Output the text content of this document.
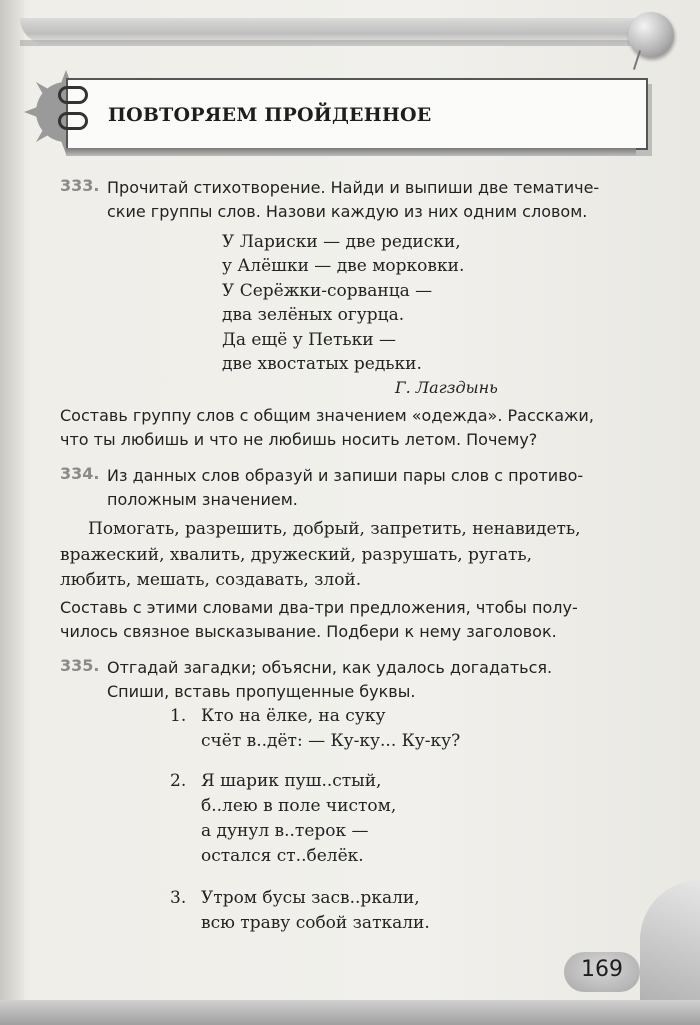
ПОВТОРЯЕМ ПРОЙДЕННОЕ
333. Прочитай стихотворение. Найди и выпиши две тематиче-
ские группы слов. Назови каждую из них одним словом.
У Лариски — две редиски,
у Алёшки — две морковки.
У Серёжки-сорванца —
два зелёных огурца.
Да ещё у Петьки —
две хвостатых редьки.
Г. Лагздынь
Составь группу слов с общим значением «одежда». Расскажи,
что ты любишь и что не любишь носить летом. Почему?
334. Из данных слов образуй и запиши пары слов с противо-
положным значением.
Помогать, разрешить, добрый, запретить, ненавидеть,
вражеский, хвалить, дружеский, разрушать, ругать,
любить, мешать, создавать, злой.
Составь с этими словами два-три предложения, чтобы полу-
чилось связное высказывание. Подбери к нему заголовок.
335. Отгадай загадки; объясни, как удалось догадаться.
Спиши, вставь пропущенные буквы.
1. Кто на ёлке, на суку
счёт в..дёт: — Ку-ку... Ку-ку?
2. Я шарик пуш..стый,
б..лею в поле чистом,
а дунул в..терок —
остался ст..белёк.
3. Утром бусы засв..ркали,
всю траву собой заткали.
169
